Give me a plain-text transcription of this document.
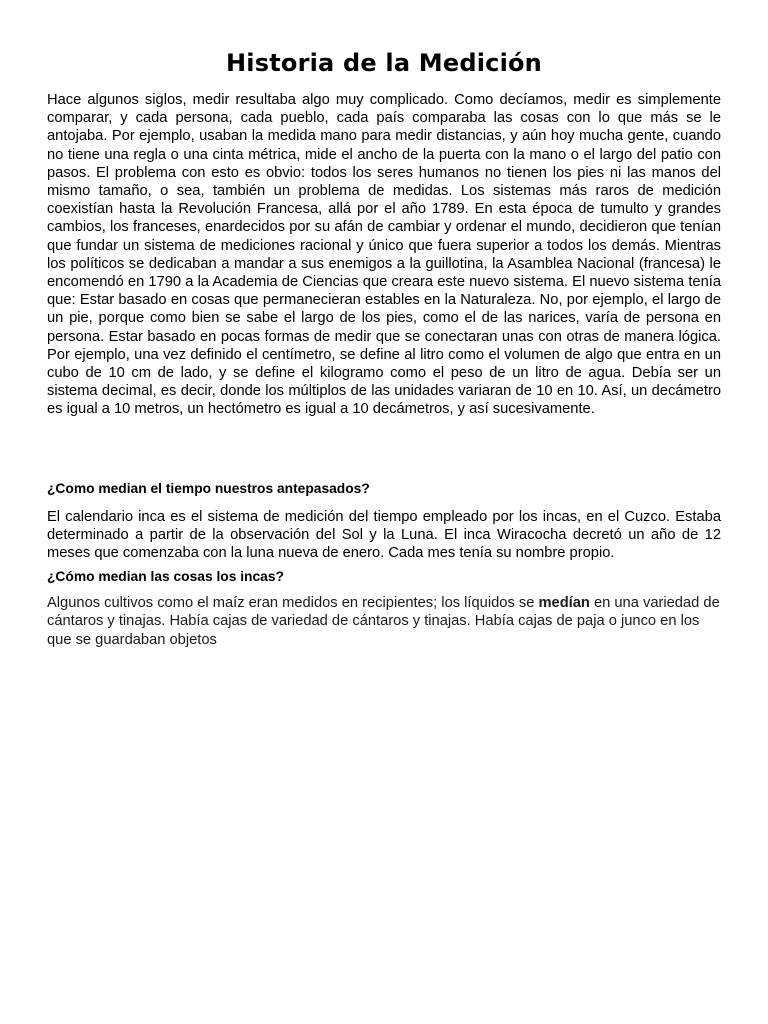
Historia de la Medición

Hace algunos siglos, medir resultaba algo muy complicado. Como decíamos, medir es simplemente comparar, y cada persona, cada pueblo, cada país comparaba las cosas con lo que más se le antojaba. Por ejemplo, usaban la medida mano para medir distancias, y aún hoy mucha gente, cuando no tiene una regla o una cinta métrica, mide el ancho de la puerta con la mano o el largo del patio con pasos. El problema con esto es obvio: todos los seres humanos no tienen los pies ni las manos del mismo tamaño, o sea, también un problema de medidas. Los sistemas más raros de medición coexistían hasta la Revolución Francesa, allá por el año 1789. En esta época de tumulto y grandes cambios, los franceses, enardecidos por su afán de cambiar y ordenar el mundo, decidieron que tenían que fundar un sistema de mediciones racional y único que fuera superior a todos los demás. Mientras los políticos se dedicaban a mandar a sus enemigos a la guillotina, la Asamblea Nacional (francesa) le encomendó en 1790 a la Academia de Ciencias que creara este nuevo sistema. El nuevo sistema tenía que: Estar basado en cosas que permanecieran estables en la Naturaleza. No, por ejemplo, el largo de un pie, porque como bien se sabe el largo de los pies, como el de las narices, varía de persona en persona. Estar basado en pocas formas de medir que se conectaran unas con otras de manera lógica. Por ejemplo, una vez definido el centímetro, se define al litro como el volumen de algo que entra en un cubo de 10 cm de lado, y se define el kilogramo como el peso de un litro de agua. Debía ser un sistema decimal, es decir, donde los múltiplos de las unidades variaran de 10 en 10. Así, un decámetro es igual a 10 metros, un hectómetro es igual a 10 decámetros, y así sucesivamente.

¿Como median el tiempo nuestros antepasados?

El calendario inca es el sistema de medición del tiempo empleado por los incas, en el Cuzco. Estaba determinado a partir de la observación del Sol y la Luna. El inca Wiracocha decretó un año de 12 meses que comenzaba con la luna nueva de enero. Cada mes tenía su nombre propio.

¿Cómo median las cosas los incas?

Algunos cultivos como el maíz eran medidos en recipientes; los líquidos se medían en una variedad de cántaros y tinajas. Había cajas de variedad de cántaros y tinajas. Había cajas de paja o junco en los que se guardaban objetos
